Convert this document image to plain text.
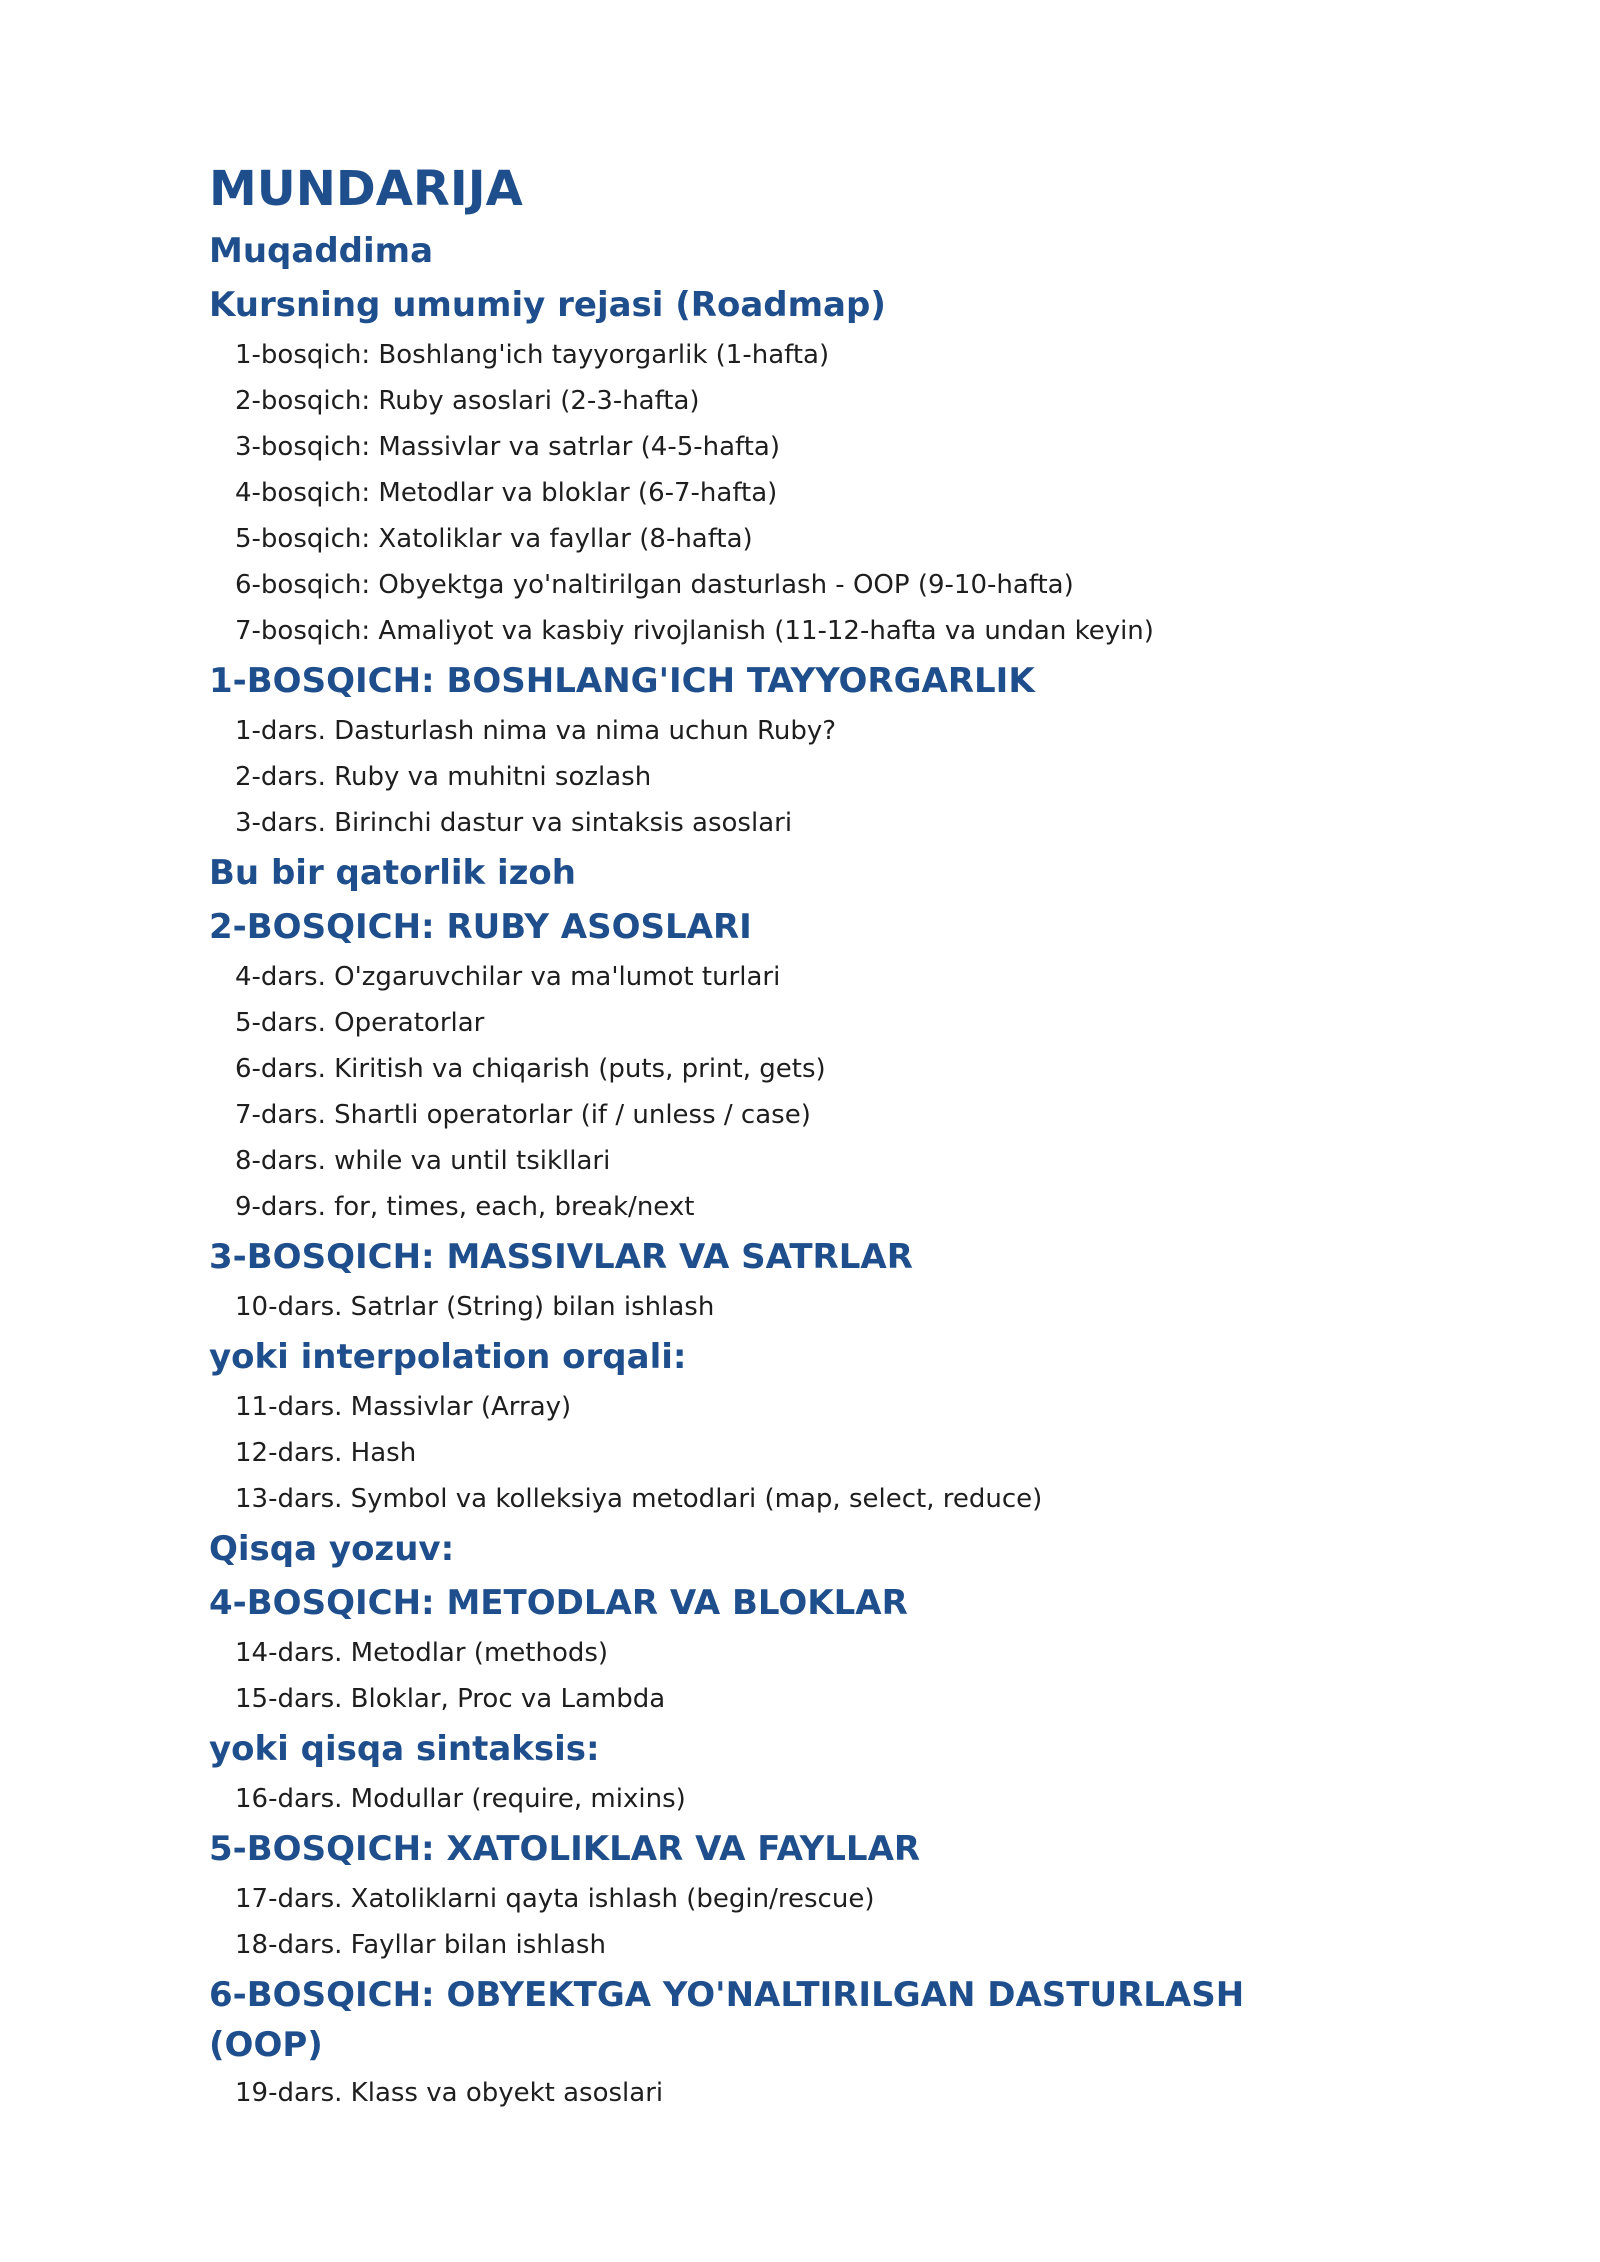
MUNDARIJA
Muqaddima
Kursning umumiy rejasi (Roadmap)
1-bosqich: Boshlang'ich tayyorgarlik (1-hafta)
2-bosqich: Ruby asoslari (2-3-hafta)
3-bosqich: Massivlar va satrlar (4-5-hafta)
4-bosqich: Metodlar va bloklar (6-7-hafta)
5-bosqich: Xatoliklar va fayllar (8-hafta)
6-bosqich: Obyektga yo'naltirilgan dasturlash - OOP (9-10-hafta)
7-bosqich: Amaliyot va kasbiy rivojlanish (11-12-hafta va undan keyin)
1-BOSQICH: BOSHLANG'ICH TAYYORGARLIK
1-dars. Dasturlash nima va nima uchun Ruby?
2-dars. Ruby va muhitni sozlash
3-dars. Birinchi dastur va sintaksis asoslari
Bu bir qatorlik izoh
2-BOSQICH: RUBY ASOSLARI
4-dars. O'zgaruvchilar va ma'lumot turlari
5-dars. Operatorlar
6-dars. Kiritish va chiqarish (puts, print, gets)
7-dars. Shartli operatorlar (if / unless / case)
8-dars. while va until tsikllari
9-dars. for, times, each, break/next
3-BOSQICH: MASSIVLAR VA SATRLAR
10-dars. Satrlar (String) bilan ishlash
yoki interpolation orqali:
11-dars. Massivlar (Array)
12-dars. Hash
13-dars. Symbol va kolleksiya metodlari (map, select, reduce)
Qisqa yozuv:
4-BOSQICH: METODLAR VA BLOKLAR
14-dars. Metodlar (methods)
15-dars. Bloklar, Proc va Lambda
yoki qisqa sintaksis:
16-dars. Modullar (require, mixins)
5-BOSQICH: XATOLIKLAR VA FAYLLAR
17-dars. Xatoliklarni qayta ishlash (begin/rescue)
18-dars. Fayllar bilan ishlash
6-BOSQICH: OBYEKTGA YO'NALTIRILGAN DASTURLASH (OOP)
19-dars. Klass va obyekt asoslari
